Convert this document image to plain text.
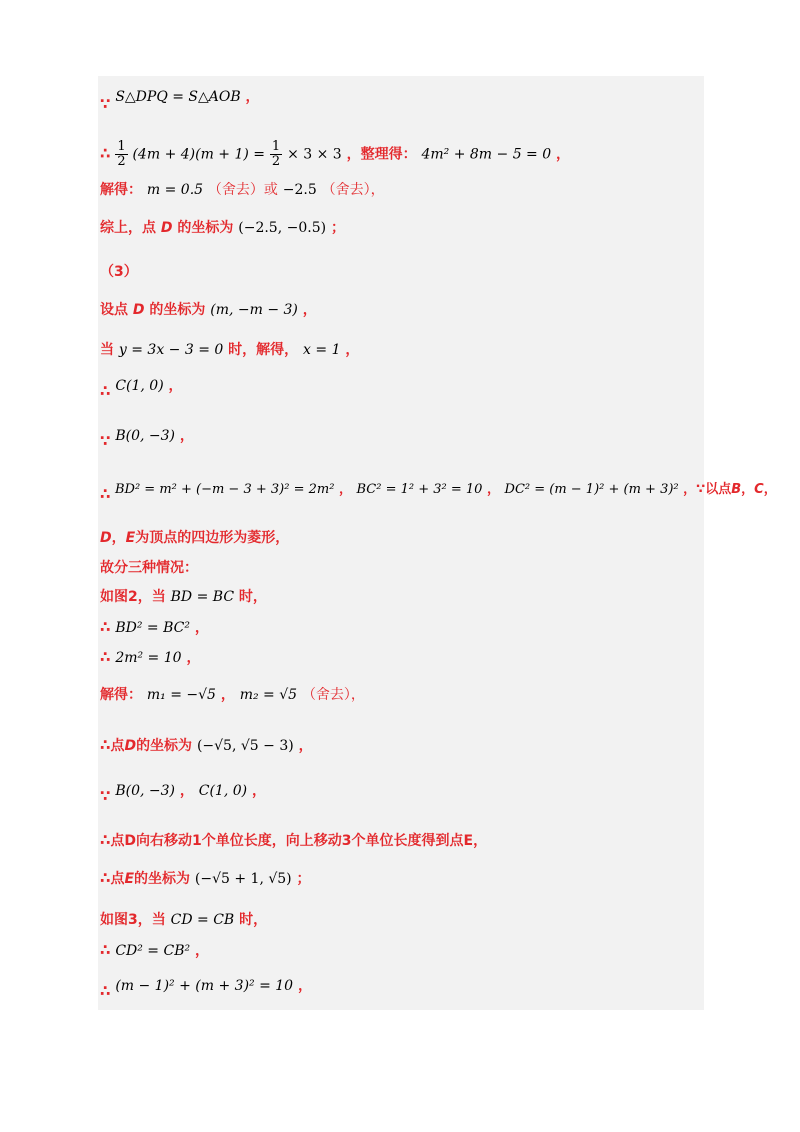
∵ S△DPQ = S△AOB ，
∴ $\frac{1}{2} (4m + 4)(m + 1) = \frac{1}{2} \times 3 \times 3$ ，整理得： 4m² + 8m − 5 = 0 ，
解得： m = 0.5 （舍去）或 −2.5 （舍去），
综上，点 D 的坐标为 (−2.5, −0.5) ；
（3）
设点 D 的坐标为 (m, −m − 3) ，
当 y = 3x − 3 = 0 时，解得， x = 1 ，
∴ C(1, 0) ，
∵ B(0, −3) ，
∴ BD² = m² + (−m − 3 + 3)² = 2m² ， BC² = 1² + 3² = 10 ， DC² = (m − 1)² + (m + 3)² ，∵以点B，C，
D，E为顶点的四边形为菱形，
故分三种情况：
如图2，当 BD = BC 时，
∴ BD² = BC² ，
∴ 2m² = 10 ，
解得： m₁ = −√5 ， m₂ = √5 （舍去），
∴点D的坐标为 (−√5, √5 − 3) ，
∵ B(0, −3) ， C(1, 0) ，
∴点D向右移动1个单位长度，向上移动3个单位长度得到点E，
∴点E的坐标为 (−√5 + 1, √5) ；
如图3，当 CD = CB 时，
∴ CD² = CB² ，
∴ (m − 1)² + (m + 3)² = 10 ，
